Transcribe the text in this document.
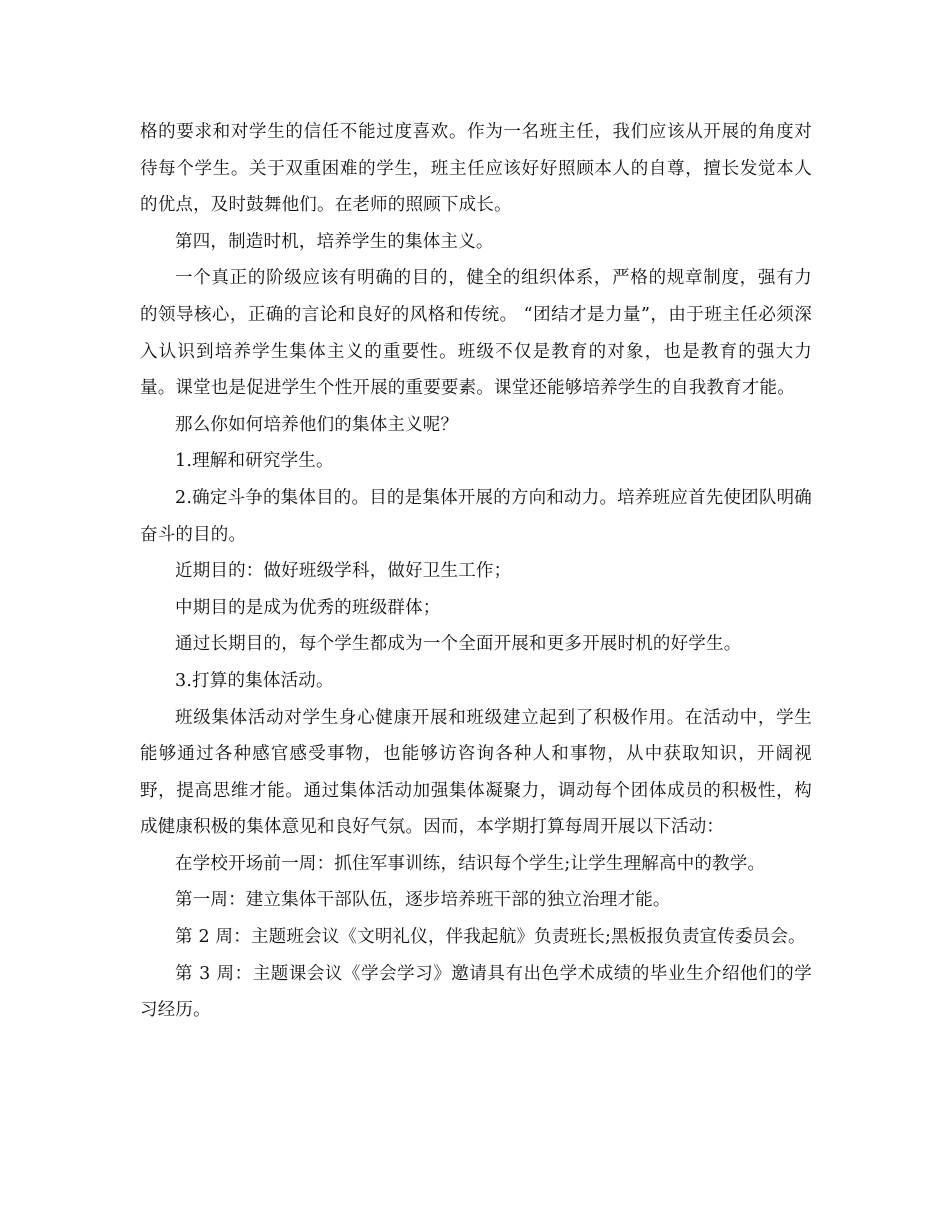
格的要求和对学生的信任不能过度喜欢。作为一名班主任，我们应该从开展的角度对待每个学生。关于双重困难的学生，班主任应该好好照顾本人的自尊，擅长发觉本人的优点，及时鼓舞他们。在老师的照顾下成长。

第四，制造时机，培养学生的集体主义。

一个真正的阶级应该有明确的目的，健全的组织体系，严格的规章制度，强有力的领导核心，正确的言论和良好的风格和传统。 “团结才是力量”，由于班主任必须深入认识到培养学生集体主义的重要性。班级不仅是教育的对象，也是教育的强大力量。课堂也是促进学生个性开展的重要要素。课堂还能够培养学生的自我教育才能。

那么你如何培养他们的集体主义呢？

1.理解和研究学生。

2.确定斗争的集体目的。目的是集体开展的方向和动力。培养班应首先使团队明确奋斗的目的。

近期目的：做好班级学科，做好卫生工作；

中期目的是成为优秀的班级群体；

通过长期目的，每个学生都成为一个全面开展和更多开展时机的好学生。

3.打算的集体活动。

班级集体活动对学生身心健康开展和班级建立起到了积极作用。在活动中，学生能够通过各种感官感受事物，也能够访咨询各种人和事物，从中获取知识，开阔视野，提高思维才能。通过集体活动加强集体凝聚力，调动每个团体成员的积极性，构成健康积极的集体意见和良好气氛。因而，本学期打算每周开展以下活动：

在学校开场前一周：抓住军事训练，结识每个学生;让学生理解高中的教学。

第一周：建立集体干部队伍，逐步培养班干部的独立治理才能。

第 2 周：主题班会议《文明礼仪，伴我起航》负责班长;黑板报负责宣传委员会。

第 3 周：主题课会议《学会学习》邀请具有出色学术成绩的毕业生介绍他们的学习经历。
